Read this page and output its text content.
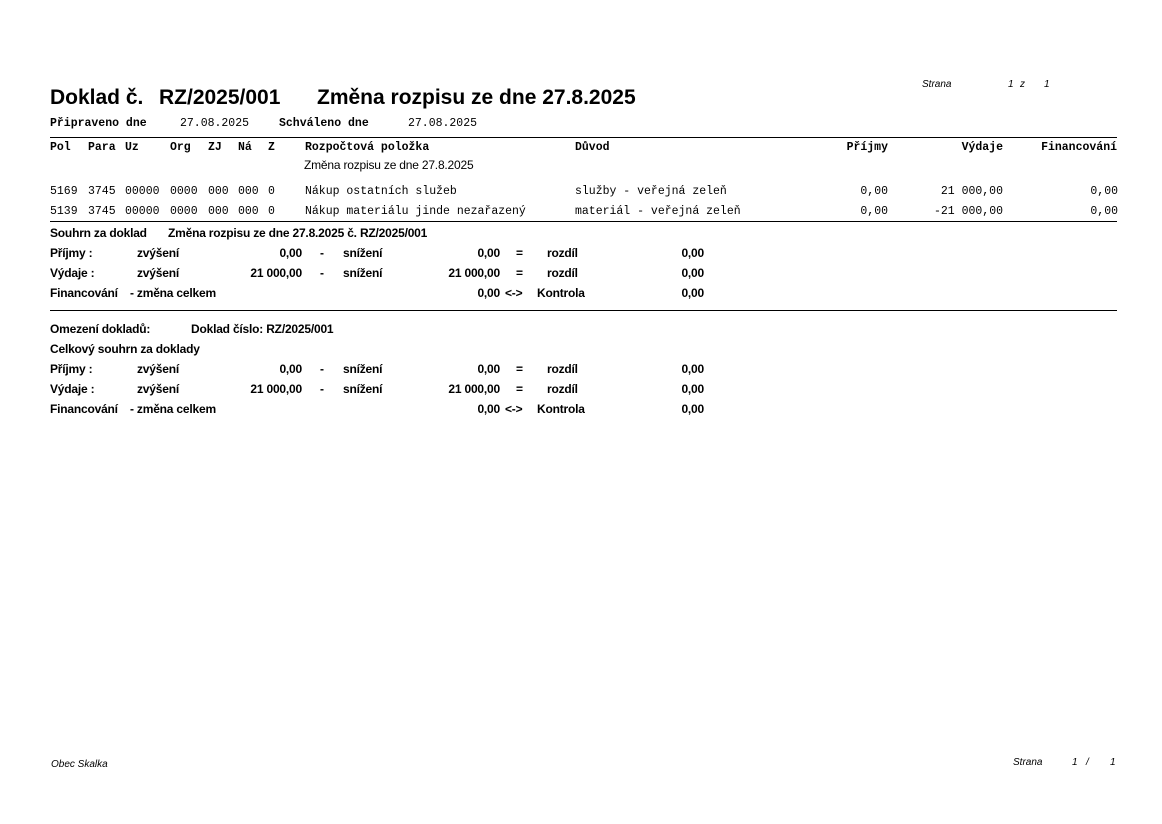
Strana	1 z 1
Doklad č. RZ/2025/001 Změna rozpisu ze dne 27.8.2025
Připraveno dne	27.08.2025	Schváleno dne	27.08.2025
Pol Para Uz	Org ZJ Ná Z	Rozpočtová položka	Důvod	Příjmy	Výdaje	Financování
Změna rozpisu ze dne 27.8.2025
5169 3745 00000 0000 000 000 0	Nákup ostatních služeb	služby - veřejná zeleň	0,00	21 000,00	0,00
5139 3745 00000 0000 000 000 0	Nákup materiálu jinde nezařazený	materiál - veřejná zeleň	0,00	-21 000,00	0,00
Souhrn za doklad Změna rozpisu ze dne 27.8.2025 č. RZ/2025/001
Příjmy :	zvýšení	0,00 - snížení	0,00 = rozdíl	0,00
Výdaje :	zvýšení	21 000,00 - snížení	21 000,00 = rozdíl	0,00
Financování - změna celkem	0,00 <-> Kontrola	0,00
Omezení dokladů:	Doklad číslo: RZ/2025/001
Celkový souhrn za doklady
Příjmy :	zvýšení	0,00 - snížení	0,00 = rozdíl	0,00
Výdaje :	zvýšení	21 000,00 - snížení	21 000,00 = rozdíl	0,00
Financování - změna celkem	0,00 <-> Kontrola	0,00
Obec Skalka	Strana	1 / 1
